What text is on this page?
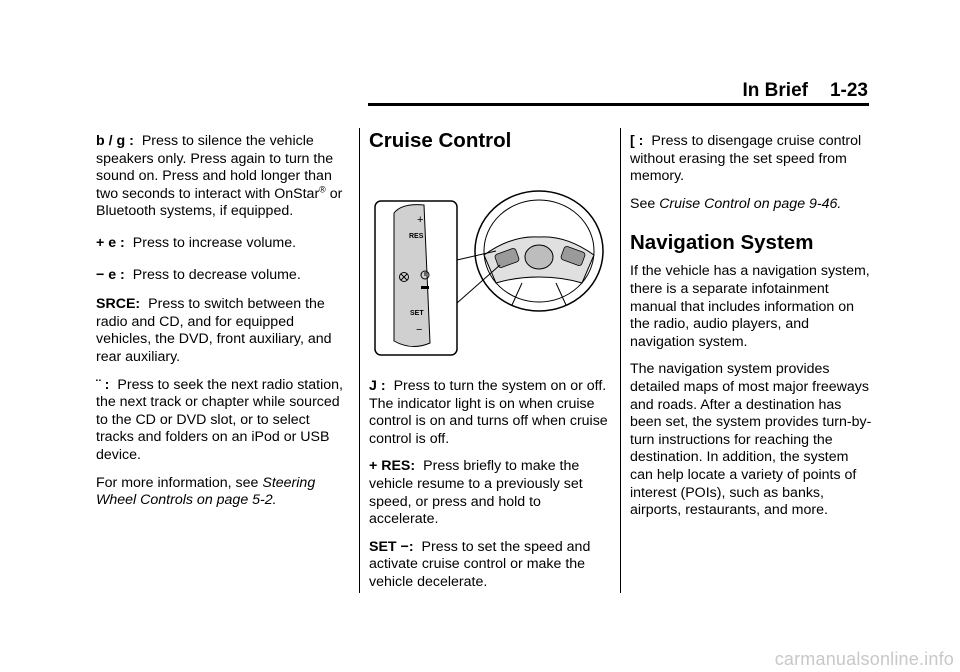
In Brief 1-23

b / g : Press to silence the vehicle speakers only. Press again to turn the sound on. Press and hold longer than two seconds to interact with OnStar® or Bluetooth systems, if equipped.

+ e : Press to increase volume.

− e : Press to decrease volume.

SRCE: Press to switch between the radio and CD, and for equipped vehicles, the DVD, front auxiliary, and rear auxiliary.

¨ : Press to seek the next radio station, the next track or chapter while sourced to the CD or DVD slot, or to select tracks and folders on an iPod or USB device.

For more information, see Steering Wheel Controls on page 5‑2.

Cruise Control
+
RES
SET
−

J : Press to turn the system on or off. The indicator light is on when cruise control is on and turns off when cruise control is off.

+ RES: Press briefly to make the vehicle resume to a previously set speed, or press and hold to accelerate.

SET −: Press to set the speed and activate cruise control or make the vehicle decelerate.

[ : Press to disengage cruise control without erasing the set speed from memory.

See Cruise Control on page 9‑46.

Navigation System

If the vehicle has a navigation system, there is a separate infotainment manual that includes information on the radio, audio players, and navigation system.

The navigation system provides detailed maps of most major freeways and roads. After a destination has been set, the system provides turn-by-turn instructions for reaching the destination. In addition, the system can help locate a variety of points of interest (POIs), such as banks, airports, restaurants, and more.

carmanualsonline.info
